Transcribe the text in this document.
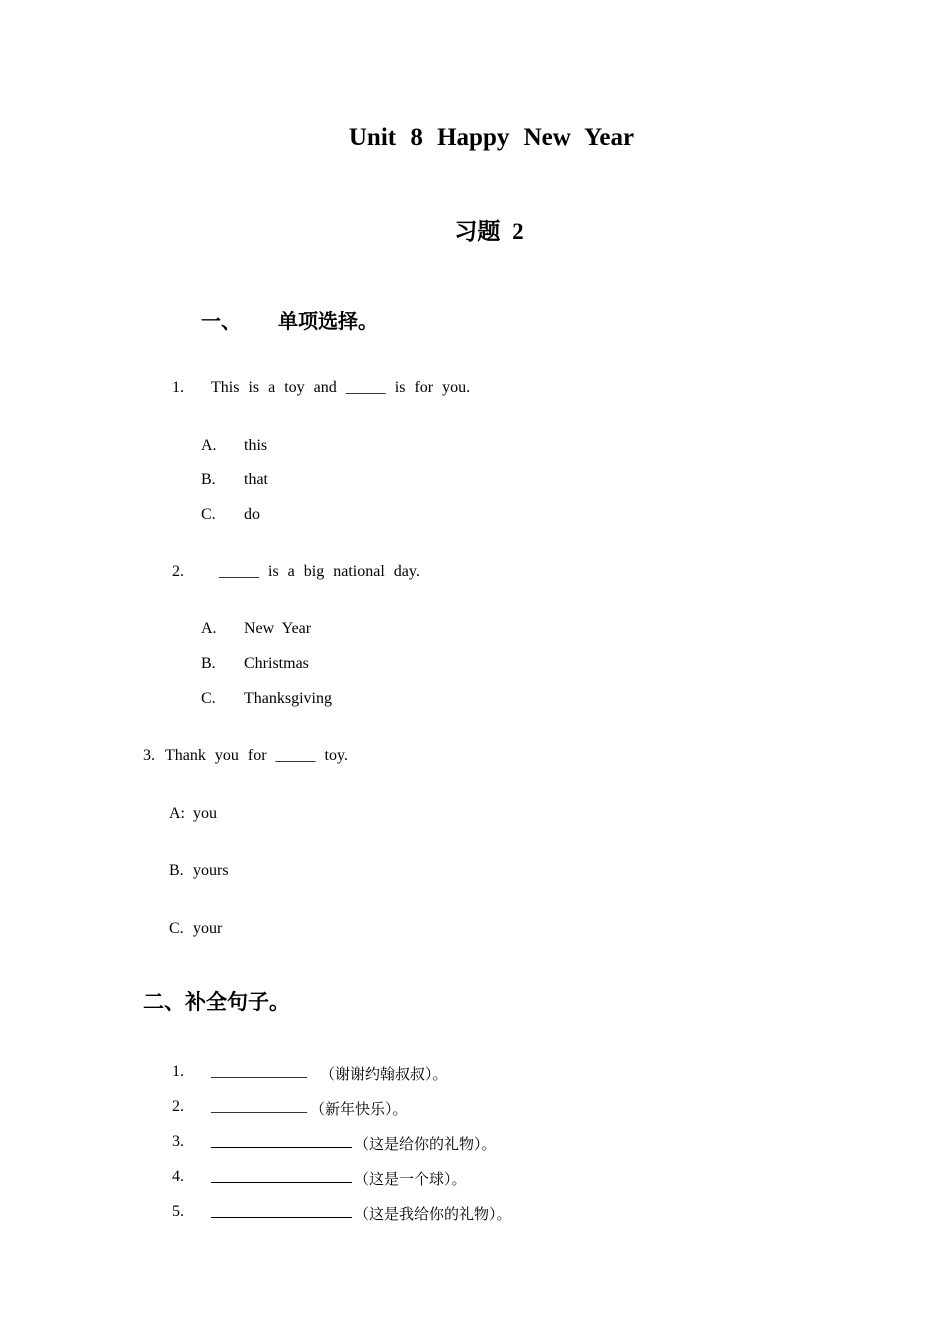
Unit 8 Happy New Year
习题 2
一、 单项选择。
1. This is a toy and _____ is for you.
A. this
B. that
C. do
2. _____ is a big national day.
A. New Year
B. Christmas
C. Thanksgiving
3. Thank you for _____ toy.
A: you
B. yours
C. your
二、补全句子。
1. ____________ （谢谢约翰叔叔）。
2. ____________ （新年快乐）。
3.	（这是给你的礼物）。
4.	（这是一个球）。
5.	（这是我给你的礼物）。
